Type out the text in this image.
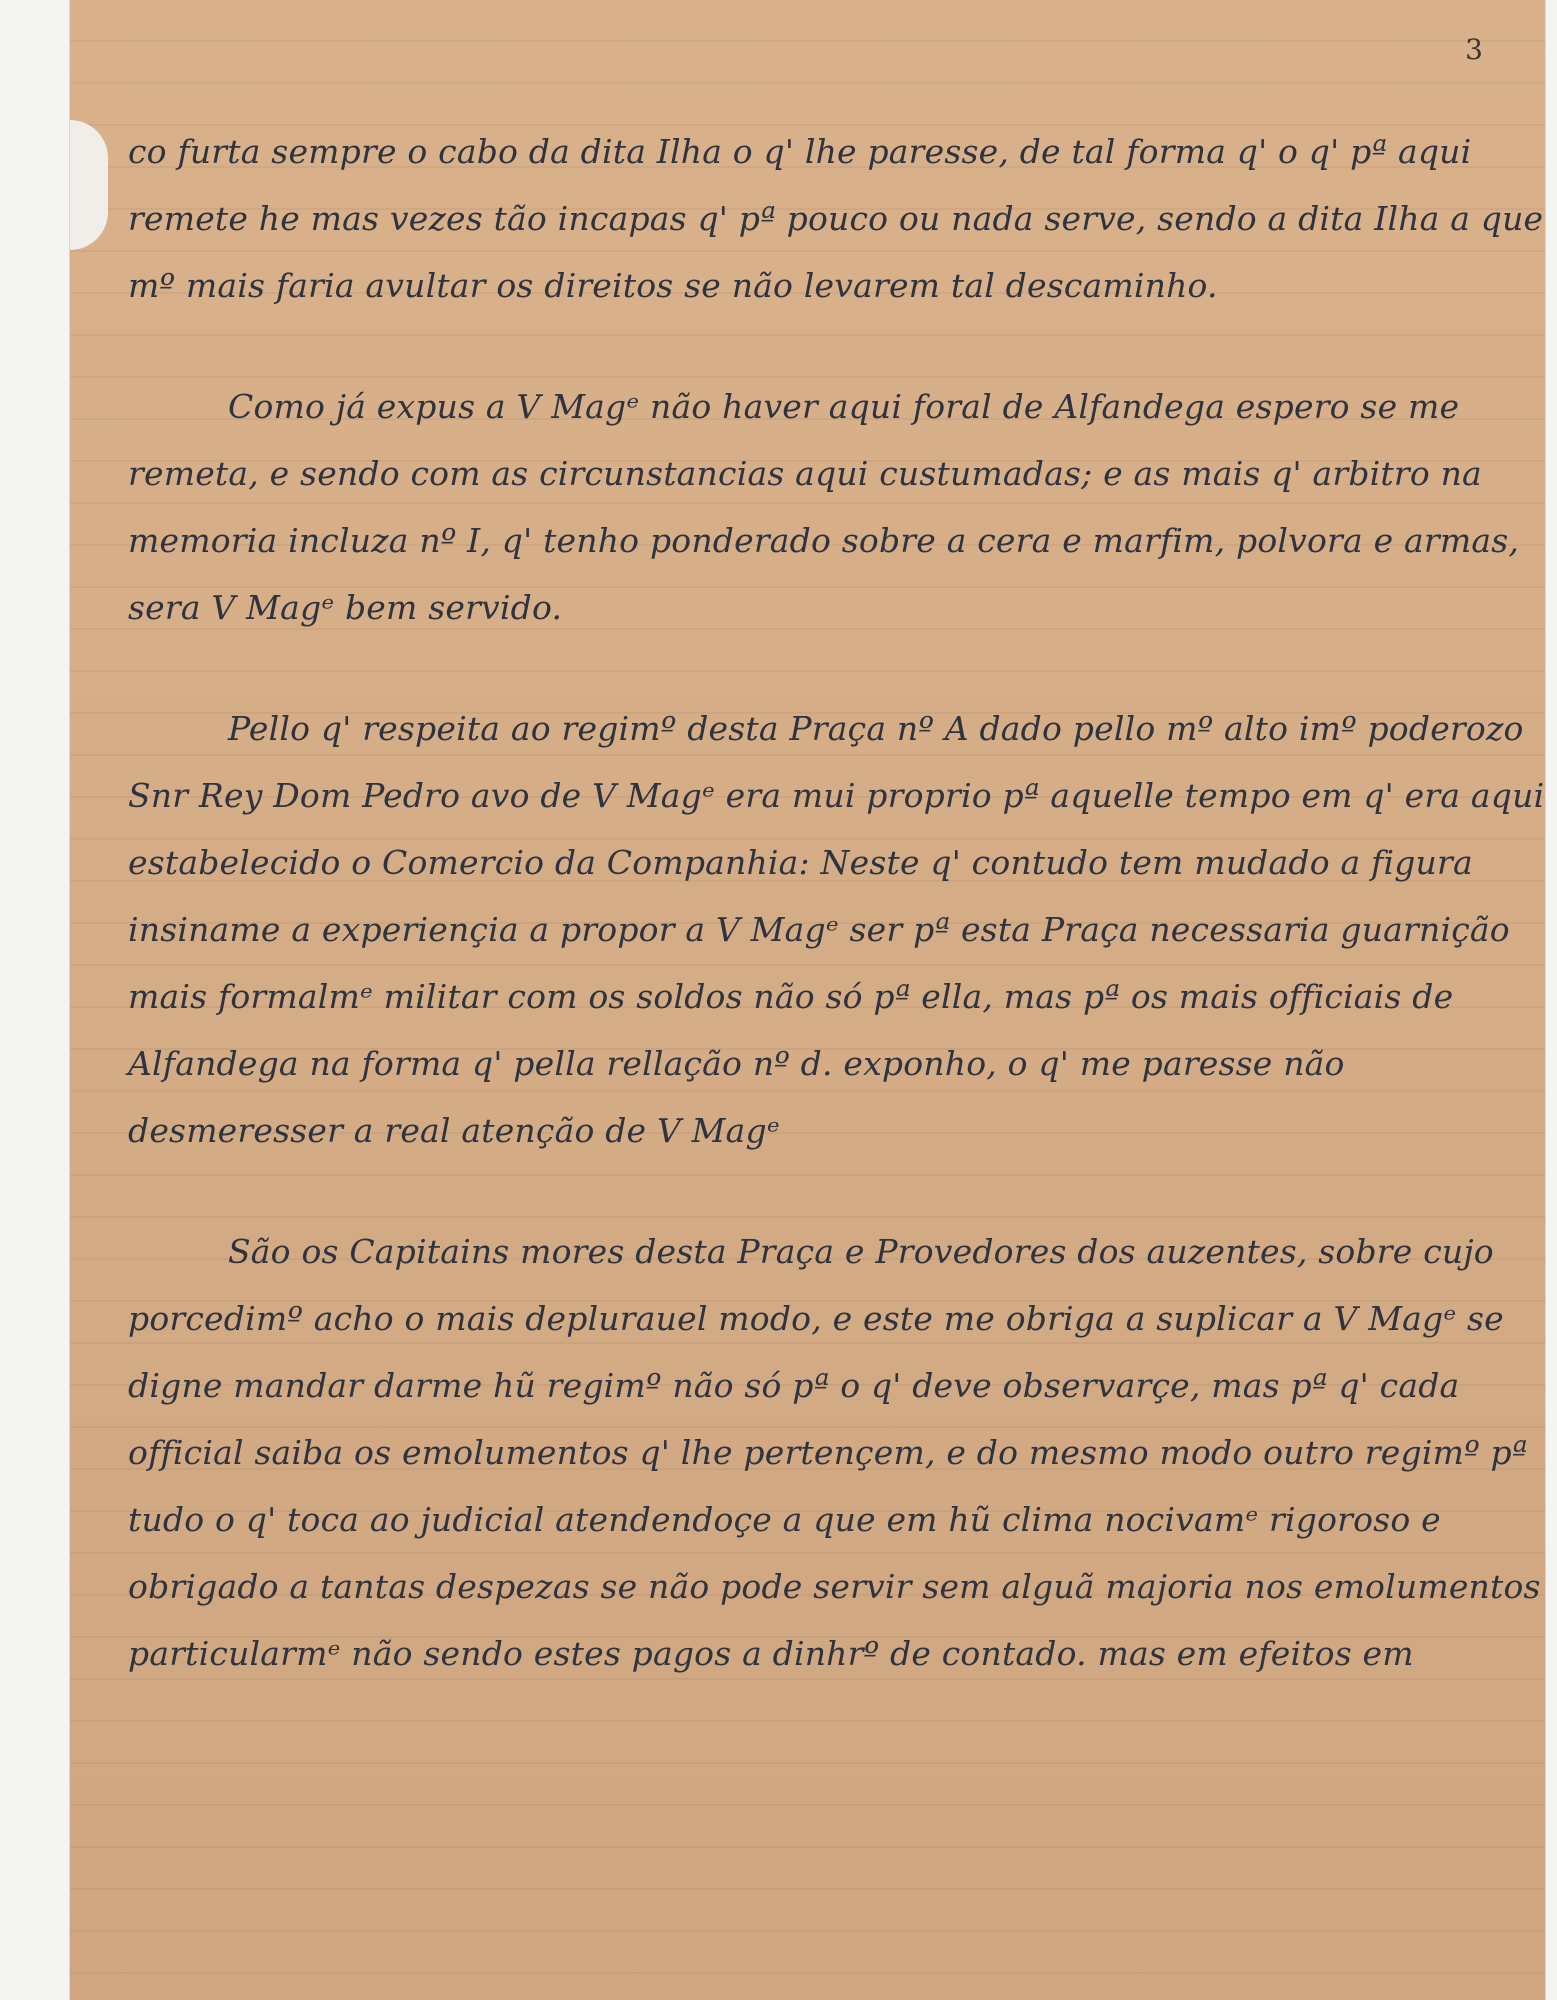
3

co furta sempre o cabo da dita Ilha o q' lhe paresse, de tal forma q' o q' pª aqui remete he mas vezes tão incapas q' pª pouco ou nada serve, sendo a dita Ilha a que mº mais faria avultar os direitos se não levarem tal descaminho.

Como já expus a V Magᵉ não haver aqui foral de Alfandega espero se me remeta, e sendo com as circunstancias aqui custumadas; e as mais q' arbitro na memoria incluza nº I, q' tenho ponderado sobre a cera e marfim, polvora e armas, sera V Magᵉ bem servido.

Pello q' respeita ao regimº desta Praça nº A dado pello mº alto imº poderozo Snr Rey Dom Pedro avo de V Magᵉ era mui proprio pª aquelle tempo em q' era aqui estabelecido o Comercio da Companhia: Neste q' contudo tem mudado a figura insiname a experiençia a propor a V Magᵉ ser pª esta Praça necessaria guarnição mais formalmᵉ militar com os soldos não só pª ella, mas pª os mais officiais de Alfandega na forma q' pella rellação nº d. exponho, o q' me paresse não desmeresser a real atenção de V Magᵉ

São os Capitains mores desta Praça e Provedores dos auzentes, sobre cujo porcedimº acho o mais deplurauel modo, e este me obriga a suplicar a V Magᵉ se digne mandar darme hũ regimº não só pª o q' deve observarçe, mas pª q' cada official saiba os emolumentos q' lhe pertençem, e do mesmo modo outro regimº pª tudo o q' toca ao judicial atendendoçe a que em hũ clima nocivamᵉ rigoroso e obrigado a tantas despezas se não pode servir sem alguã majoria nos emolumentos particularmᵉ não sendo estes pagos a dinhrº de contado. mas em efeitos em
